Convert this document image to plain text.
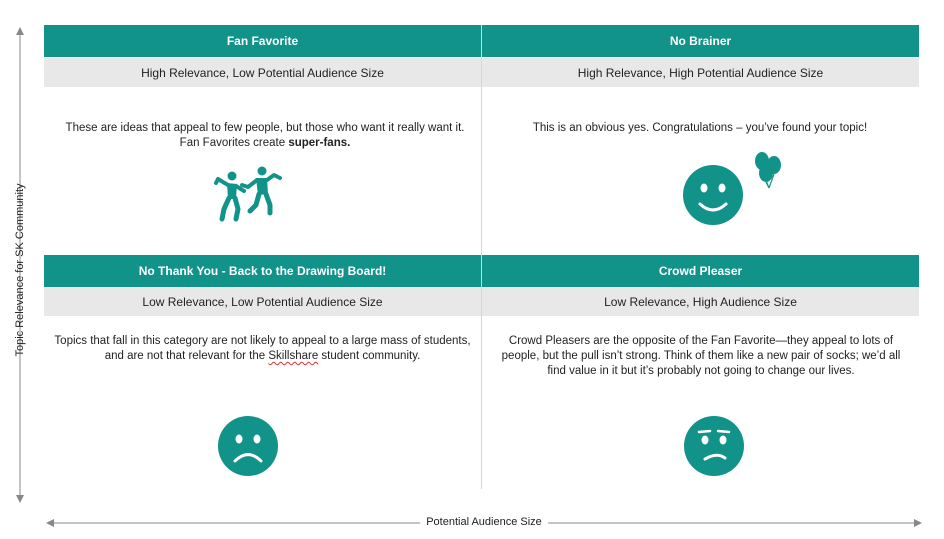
Fan Favorite
High Relevance, Low Potential Audience Size
These are ideas that appeal to few people, but those who want it really want it. Fan Favorites create super-fans.
No Brainer
High Relevance, High Potential Audience Size
This is an obvious yes. Congratulations – you’ve found your topic!
No Thank You - Back to the Drawing Board!
Low Relevance, Low Potential Audience Size
Topics that fall in this category are not likely to appeal to a large mass of students, and are not that relevant for the Skillshare student community.
Crowd Pleaser
Low Relevance, High Audience Size
Crowd Pleasers are the opposite of the Fan Favorite—they appeal to lots of people, but the pull isn’t strong. Think of them like a new pair of socks; we’d all find value in it but it’s probably not going to change our lives.
Topic Relevance for SK Community
Potential Audience Size
